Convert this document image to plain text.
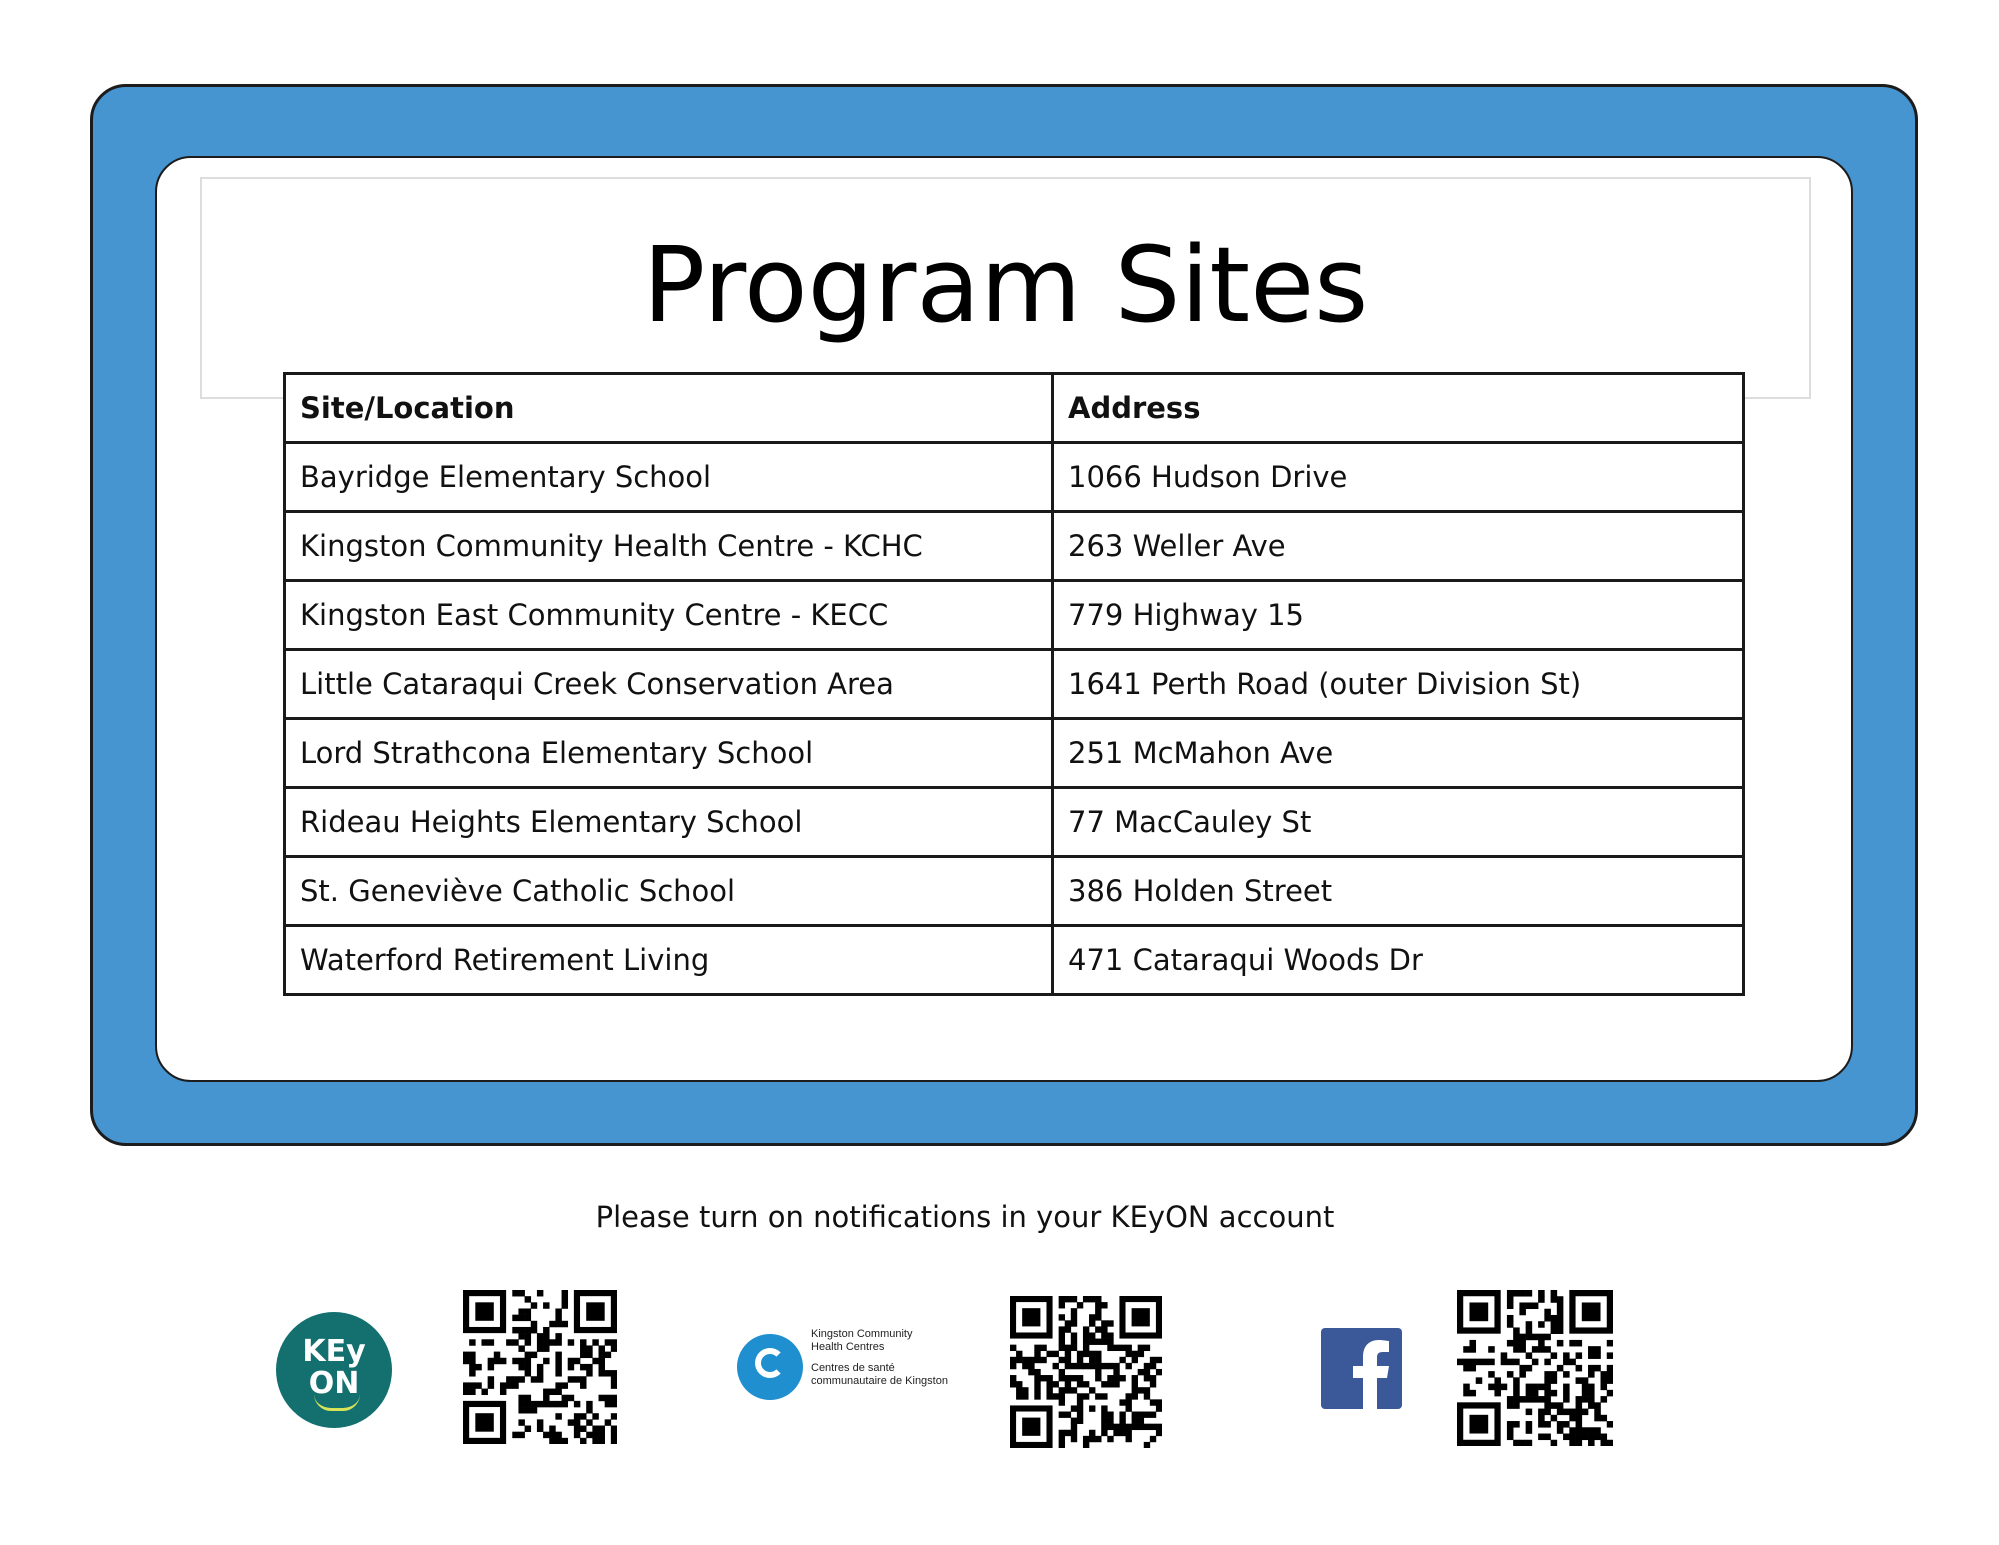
Program Sites
Site/Location	Address
Bayridge Elementary School	1066 Hudson Drive
Kingston Community Health Centre - KCHC	263 Weller Ave
Kingston East Community Centre - KECC	779 Highway 15
Little Cataraqui Creek Conservation Area	1641 Perth Road (outer Division St)
Lord Strathcona Elementary School	251 McMahon Ave
Rideau Heights Elementary School	77 MacCauley St
St. Geneviève Catholic School	386 Holden Street
Waterford Retirement Living	471 Cataraqui Woods Dr
Please turn on notifications in your KEyON account
KEy
ON
Kingston Community
Health Centres
Centres de santé
communautaire de Kingston
